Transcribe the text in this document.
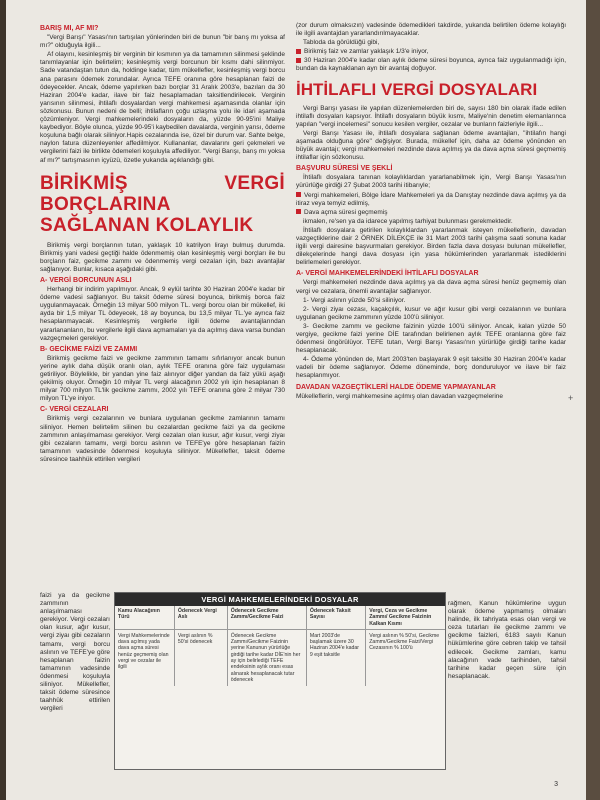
BARIŞ MI, AF MI?

"Vergi Barışı" Yasası'nın tartışılan yönlerinden biri de bunun "bir barış mı yoksa af mı?" olduğuyla ilgili...

Af olayını, kesinleşmiş bir verginin bir kısmının ya da tamamının silinmesi şeklinde tanımlayanlar için belirtelim; kesinleşmiş vergi borcunun bir kısmı dahi silinmiyor. Sade vatandaştan tutun da, holdinge kadar, tüm mükellefler, kesinleşmiş vergi borcu ana parasını ödemek zorundalar. Ayrıca TEFE oranına göre hesaplanan faizi de ödeyecekler. Ancak, ödeme yapılırken bazı borçlar 31 Aralık 2003'e, bazıları da 30 Haziran 2004'e kadar, ilave bir faiz hesaplamadan taksitlendirilecek. Verginin yarısının silinmesi, ihtilaflı dosyalardan vergi mahkemesi aşamasında olanlar için sözkonusu. Bunun nedeni de belli; ihtilafların çoğu uzlaşma yolu ile idari aşamada çözümleniyor. Vergi mahkemelerindeki dosyaların da, yüzde 90-95'ini Maliye kaybediyor. Böyle olunca, yüzde 90-95'i kaybedilen davalarda, verginin yarısı, ödeme koşuluna bağlı olarak siliniyor.Hapis cezalarında ise, özel bir durum var. Sahte belge, naylon fatura düzenleyenler affedilmiyor. Kullananlar, davalarını geri çekmeleri ve vergilerini faizi ile birlikte ödemeleri koşuluyla affediliyor. "Vergi Barışı, barış mı yoksa af mı?" tartışmasının içyüzü, özetle yukarıda açıklandığı gibi.

BİRİKMİŞ VERGİ BORÇLARINA SAĞLANAN KOLAYLIK

Birikmiş vergi borçlarının tutarı, yaklaşık 10 katrilyon lirayı bulmuş durumda. Birikmiş yani vadesi geçtiği halde ödenmemiş olan kesinleşmiş vergi borçları ile bu borçların faiz, gecikme zammı ve ödenmemiş vergi cezaları için, bazı avantajlar sağlanıyor. Bunlar, kısaca aşağıdaki gibi.

A- VERGİ BORCUNUN ASLI

Herhangi bir indirim yapılmıyor. Ancak, 9 eylül tarihte 30 Haziran 2004'e kadar bir ödeme vadesi sağlanıyor. Bu taksit ödeme süresi boyunca, birikmiş borca faiz uygulanmayacak. Örneğin 13 milyar 500 milyon TL. vergi borcu olan bir mükellef, iki ayda bir 1,5 milyar TL ödeyecek, 18 ay boyunca, bu 13,5 milyar TL.'ye ayrıca faiz hesaplanmayacak. Kesinleşmiş vergilerle ilgili ödeme avantajlarından yararlananların, bu vergilerle ilgili dava açmamaları ya da açılmış dava varsa bundan vazgeçmeleri gerekiyor.

B- GECİKME FAİZİ VE ZAMMI

Birikmiş gecikme faizi ve gecikme zammının tamamı sıfırlanıyor ancak bunun yerine aylık daha düşük oranlı olan, aylık TEFE oranına göre faiz uygulaması getiriliyor. Böylelikle, bir yandan yine faiz alınıyor diğer yandan da faiz yükü aşağı çekilmiş oluyor. Örneğin 10 milyar TL vergi alacağının 2002 yılı için hesaplanan 8 milyar 700 milyon TL'lik gecikme zammı, 2002 yılı TEFE oranına göre 2 milyar 730 milyon TL'ye iniyor.

C- VERGİ CEZALARI

Birikmiş vergi cezalarının ve bunlara uygulanan gecikme zamlarının tamamı siliniyor. Hemen belirtelim silinen bu cezalardan gecikme faizi ya da gecikme zammının anlaşılmaması gerekiyor. Vergi cezaları olan kusur, ağır kusur, vergi ziyaı gibi cezaların tamamı, vergi borcu aslının ve TEFE'ye göre hesaplanan faizin tamamının vadesinde ödenmesi koşuluyla siliniyor. Mükellefler, taksit ödeme süresince taahhük ettirilen vergileri

faizi ya da gecikme zammının anlaşılmaması gerekiyor. Vergi cezaları olan kusur, ağır kusur, vergi ziyaı gibi cezaların tamamı, vergi borcu aslının ve TEFE'ye göre hesaplanan faizin tamamının vadesinde ödenmesi koşuluyla siliniyor. Mükellefler, taksit ödeme süresince taahhük ettirilen vergileri

(zor durum olmaksızın) vadesinde ödemedikleri takdirde, yukarıda belirtilen ödeme kolaylığı ile ilgili avantajdan yararlandırılmayacaklar.

Tabloda da görüldüğü gibi,

Birikmiş faiz ve zamlar yaklaşık 1/3'e iniyor,

30 Haziran 2004'e kadar olan aylık ödeme süresi boyunca, ayrıca faiz uygulanmadığı için, bundan da kaynaklanan ayrı bir avantaj doğuyor.

İHTİLAFLI VERGİ DOSYALARI

Vergi Barışı yasası ile yapılan düzenlemelerden biri de, sayısı 180 bin olarak ifade edilen ihtilaflı dosyaları kapsıyor. İhtilaflı dosyaların büyük kısmı, Maliye'nin denetim elemanlarınca yapılan "vergi incelemesi" sonucu kesilen vergiler, cezalar ve bunların faizleriyle ilgili...

Vergi Barışı Yasası ile, ihtilaflı dosyalara sağlanan ödeme avantajları, "ihtilafın hangi aşamada olduğuna göre" değişiyor. Burada, mükellef için, daha az ödeme yönünden en büyük avantajı; vergi mahkemeleri nezdinde dava açılmış ya da dava açma süresi geçmemiş ihtilaflar için sözkonusu.

BAŞVURU SÜRESİ VE ŞEKLİ

İhtilaflı dosyalara tanınan kolaylıklardan yararlanabilmek için, Vergi Barışı Yasası'nın yürürlüğe girdiği 27 Şubat 2003 tarihi itibarıyle;

Vergi mahkemeleri, Bölge İdare Mahkemeleri ya da Danıştay nezdinde dava açılmış ya da itiraz veya temyiz edilmiş,

Dava açma süresi geçmemiş

ikmalen, re'sen ya da idarece yapılmış tarhiyat bulunması gerekmektedir.

İhtilaflı dosyalara getirilen kolaylıklardan yararlanmak isteyen mükelleflerin, davadan vazgeçtiklerine dair 2 ÖRNEK DİLEKÇE ile 31 Mart 2003 tarihi çalışma saati sonuna kadar ilgili vergi dairesine başvurmaları gerekiyor. Birden fazla dava dosyası bulunan mükellefler, dilekçelerinde hangi dava dosyası için yasa hükümlerinden yararlanmak istediklerini belirlemeleri gerekiyor.

A- VERGİ MAHKEMELERİNDEKİ İHTİLAFLI DOSYALAR

Vergi mahkemeleri nezdinde dava açılmış ya da dava açma süresi henüz geçmemiş olan vergi ve cezalara, önemli avantajlar sağlanıyor.

1- Vergi aslının yüzde 50'si siliniyor.

2- Vergi ziyaı cezası, kaçakçılık, kusur ve ağır kusur gibi vergi cezalarının ve bunlara uygulanan gecikme zammının yüzde 100'ü siliniyor.

3- Gecikme zammı ve gecikme faizinin yüzde 100'ü siliniyor. Ancak, kalan yüzde 50 vergiye, gecikme faizi yerine DİE tarafından belirlenen aylık TEFE oranlarına göre faiz ödenmesi öngörülüyor. TEFE tutarı, Vergi Barışı Yasası'nın yürürlüğe girdiği tarihe kadar hesaplanacak.

4- Ödeme yönünden de, Mart 2003'ten başlayarak 9 eşit taksitle 30 Haziran 2004'e kadar vadeli bir ödeme sağlanıyor. Ödeme döneminde, borç donduruluyor ve ilave bir faiz hesaplanmıyor.

DAVADAN VAZGEÇTİKLERİ HALDE ÖDEME YAPMAYANLAR

Mükelleflerin, vergi mahkemesine açılmış olan davadan vazgeçmelerine

rağmen, Kanun hükümlerine uygun olarak ödeme yapmamış olmaları halinde, ilk tahriyata esas olan vergi ve ceza tutarları ile gecikme zammı ve gecikme faizleri, 6183 sayılı Kanun hükümlerine göre cebren takip ve tahsil edilecek. Gecikme zamları, kamu alacağının vade tarihinden, tahsil tarihine kadar geçen süre için hesaplanacak.
VERGİ MAHKEMELERİNDEKİ DOSYALAR
Kamu Alacağının Türü	Ödenecek Vergi Aslı	Ödenecek Gecikme Zammı/Gecikme Faizi	Ödenecek Taksit Sayısı	Vergi, Ceza ve Gecikme Zammı/ Gecikme Faizinin Kalkan Kısmı
Vergi Mahkemelerinde dava açılmış yada dava açma süresi henüz geçmemiş olan vergi ve cezalar ile ilgili	Vergi aslının % 50'si ödenecek	Ödenecek Gecikme Zammı/Gecikme Faizinin yerine Kanunun yürürlüğe girdiği tarihe kadar DİE'nin her ay için belirlediği TEFE endeksinin aylık oranı esas alınarak hesaplanacak tutar ödenecek	Mart 2003'de başlamak üzere 30 Haziran 2004'e kadar 9 eşit taksitle	Vergi aslının % 50'si, Gecikme Zammı/Gecikme Faizi/Vergi Cezasının % 100'ü
+
3
